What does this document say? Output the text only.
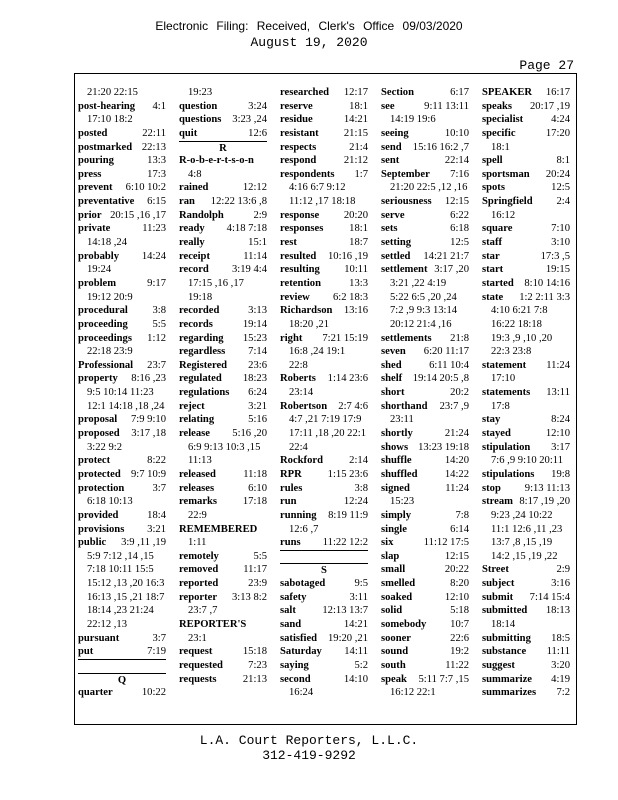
Electronic Filing: Received, Clerk's Office 09/03/2020
August 19, 2020
Page 27
21:20 22:15
post-hearing 4:1
17:10 18:2
posted	22:11
postmarked 22:13
pouring	13:3
press	17:3
prevent 6:10 10:2
preventative 6:15
prior 20:15 ,16 ,17
private	11:23
14:18 ,24
probably 14:24
19:24
problem	9:17
19:12 20:9
procedural 3:8
proceeding 5:5
proceedings 1:12
22:18 23:9
Professional 23:7
property 8:16 ,23
9:5 10:14 11:23
12:1 14:18 ,18 ,24
proposal 7:9 9:10
proposed 3:17 ,18
3:22 9:2
protect	8:22
protected 9:7 10:9
protection	3:7
6:18 10:13
provided	18:4
provisions 3:21
public 3:9 ,11 ,19
5:9 7:12 ,14 ,15
7:18 10:11 15:5
15:12 ,13 ,20 16:3
16:13 ,15 ,21 18:7
18:14 ,23 21:24
22:12 ,13
pursuant	3:7
put	7:19
Q
quarter	10:22
19:23
question	3:24
questions 3:23 ,24
quit	12:6
R
R-o-b-e-r-t-s-o-n
4:8
rained	12:12
ran 12:22 13:6 ,8
Randolph	2:9
ready 4:18 7:18
really	15:1
receipt	11:14
record 3:19 4:4
17:15 ,16 ,17
19:18
recorded	3:13
records	19:14
regarding 15:23
regardless 7:14
Registered 23:6
regulated 18:23
regulations 6:24
reject	3:21
relating	5:16
release 5:16 ,20
6:9 9:13 10:3 ,15
11:13
released	11:18
releases	6:10
remarks 17:18
22:9
REMEMBERED
1:11
remotely	5:5
removed 11:17
reported	23:9
reporter 3:13 8:2
23:7 ,7
REPORTER'S
23:1
request	15:18
requested 7:23
requests 21:13
researched 12:17
reserve	18:1
residue	14:21
resistant 21:15
respects	21:4
respond	21:12
respondents 1:7
4:16 6:7 9:12
11:12 ,17 18:18
response 20:20
responses 18:1
rest	18:7
resulted 10:16 ,19
resulting 10:11
retention	13:3
review 6:2 18:3
Richardson 13:16
18:20 ,21
right 7:21 15:19
16:8 ,24 19:1
22:8
Roberts 1:14 23:6
23:14
Robertson 2:7 4:6
4:7 ,21 7:19 17:9
17:11 ,18 ,20 22:1
22:4
Rockford 2:14
RPR 1:15 23:6
rules	3:8
run	12:24
running 8:19 11:9
12:6 ,7
runs 11:22 12:2
S
sabotaged	9:5
safety	3:11
salt 12:13 13:7
sand	14:21
satisfied 19:20 ,21
Saturday 14:11
saying	5:2
second	14:10
16:24
Section	6:17
see	9:11 13:11
14:19 19:6
seeing	10:10
send 15:16 16:2 ,7
sent	22:14
September 7:16
21:20 22:5 ,12 ,16
seriousness 12:15
serve	6:22
sets	6:18
setting	12:5
settled 14:21 21:7
settlement 3:17 ,20
3:21 ,22 4:19
5:22 6:5 ,20 ,24
7:2 ,9 9:3 13:14
20:12 21:4 ,16
settlements 21:8
seven 6:20 11:17
shed	6:11 10:4
shelf 19:14 20:5 ,8
short	20:2
shorthand 23:7 ,9
23:11
shortly	21:24
shows 13:23 19:18
shuffle	14:20
shuffled	14:22
signed	11:24
15:23
simply	7:8
single	6:14
six	11:12 17:5
slap	12:15
small	20:22
smelled	8:20
soaked	12:10
solid	5:18
somebody 10:7
sooner	22:6
sound	19:2
south	11:22
speak 5:11 7:7 ,15
16:12 22:1
SPEAKER 16:17
speaks 20:17 ,19
specialist	4:24
specific	17:20
18:1
spell	8:1
sportsman 20:24
spots	12:5
Springfield 2:4
16:12
square	7:10
staff	3:10
star	17:3 ,5
start	19:15
started 8:10 14:16
state 1:2 2:11 3:3
4:10 6:21 7:8
16:22 18:18
19:3 ,9 ,10 ,20
22:3 23:8
statement 11:24
17:10
statements 13:11
17:8
stay	8:24
stayed	12:10
stipulation 3:17
7:6 ,9 9:10 20:11
stipulations 19:8
stop 9:13 11:13
stream 8:17 ,19 ,20
9:23 ,24 10:22
11:1 12:6 ,11 ,23
13:7 ,8 ,15 ,19
14:2 ,15 ,19 ,22
Street	2:9
subject	3:16
submit 7:14 15:4
submitted 18:13
18:14
submitting 18:5
substance 11:11
suggest	3:20
summarize 4:19
summarizes 7:2
L.A. Court Reporters, L.L.C.
312-419-9292
